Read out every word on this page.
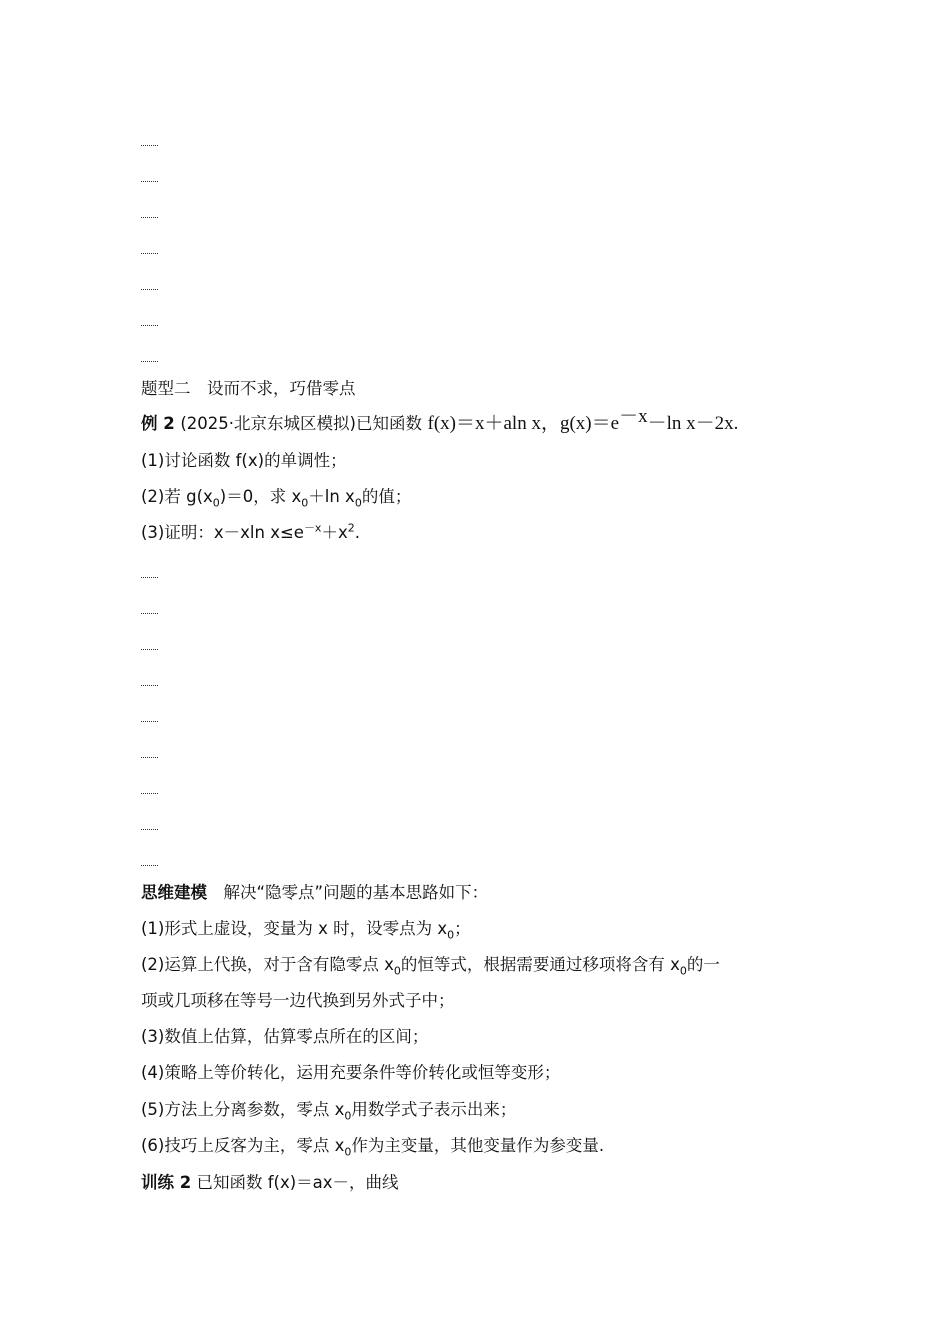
题型二　设而不求，巧借零点
例 2 (2025·北京东城区模拟)已知函数 f(x)＝x＋aln x，$g(x)=e^{-x}-\ln$ x－2x.
(1)讨论函数 f(x)的单调性；
(2)若 $g(x_0)=0$，求 $x_0+\ln$ $x_0$的值；
(3)证明：x－xln $x\le e^{-x}+x^2$.
思维建模　解决“隐零点”问题的基本思路如下：
(1)形式上虚设，变量为 x 时，设零点为 $x_0$；
(2)运算上代换，对于含有隐零点 $x_0$的恒等式，根据需要通过移项将含有 $x_0$的一
项或几项移在等号一边代换到另外式子中；
(3)数值上估算，估算零点所在的区间；
(4)策略上等价转化，运用充要条件等价转化或恒等变形；
(5)方法上分离参数，零点 $x_0$用数学式子表示出来；
(6)技巧上反客为主，零点 $x_0$作为主变量，其他变量作为参变量.
训练 2 已知函数 f(x)＝ax－，曲线
